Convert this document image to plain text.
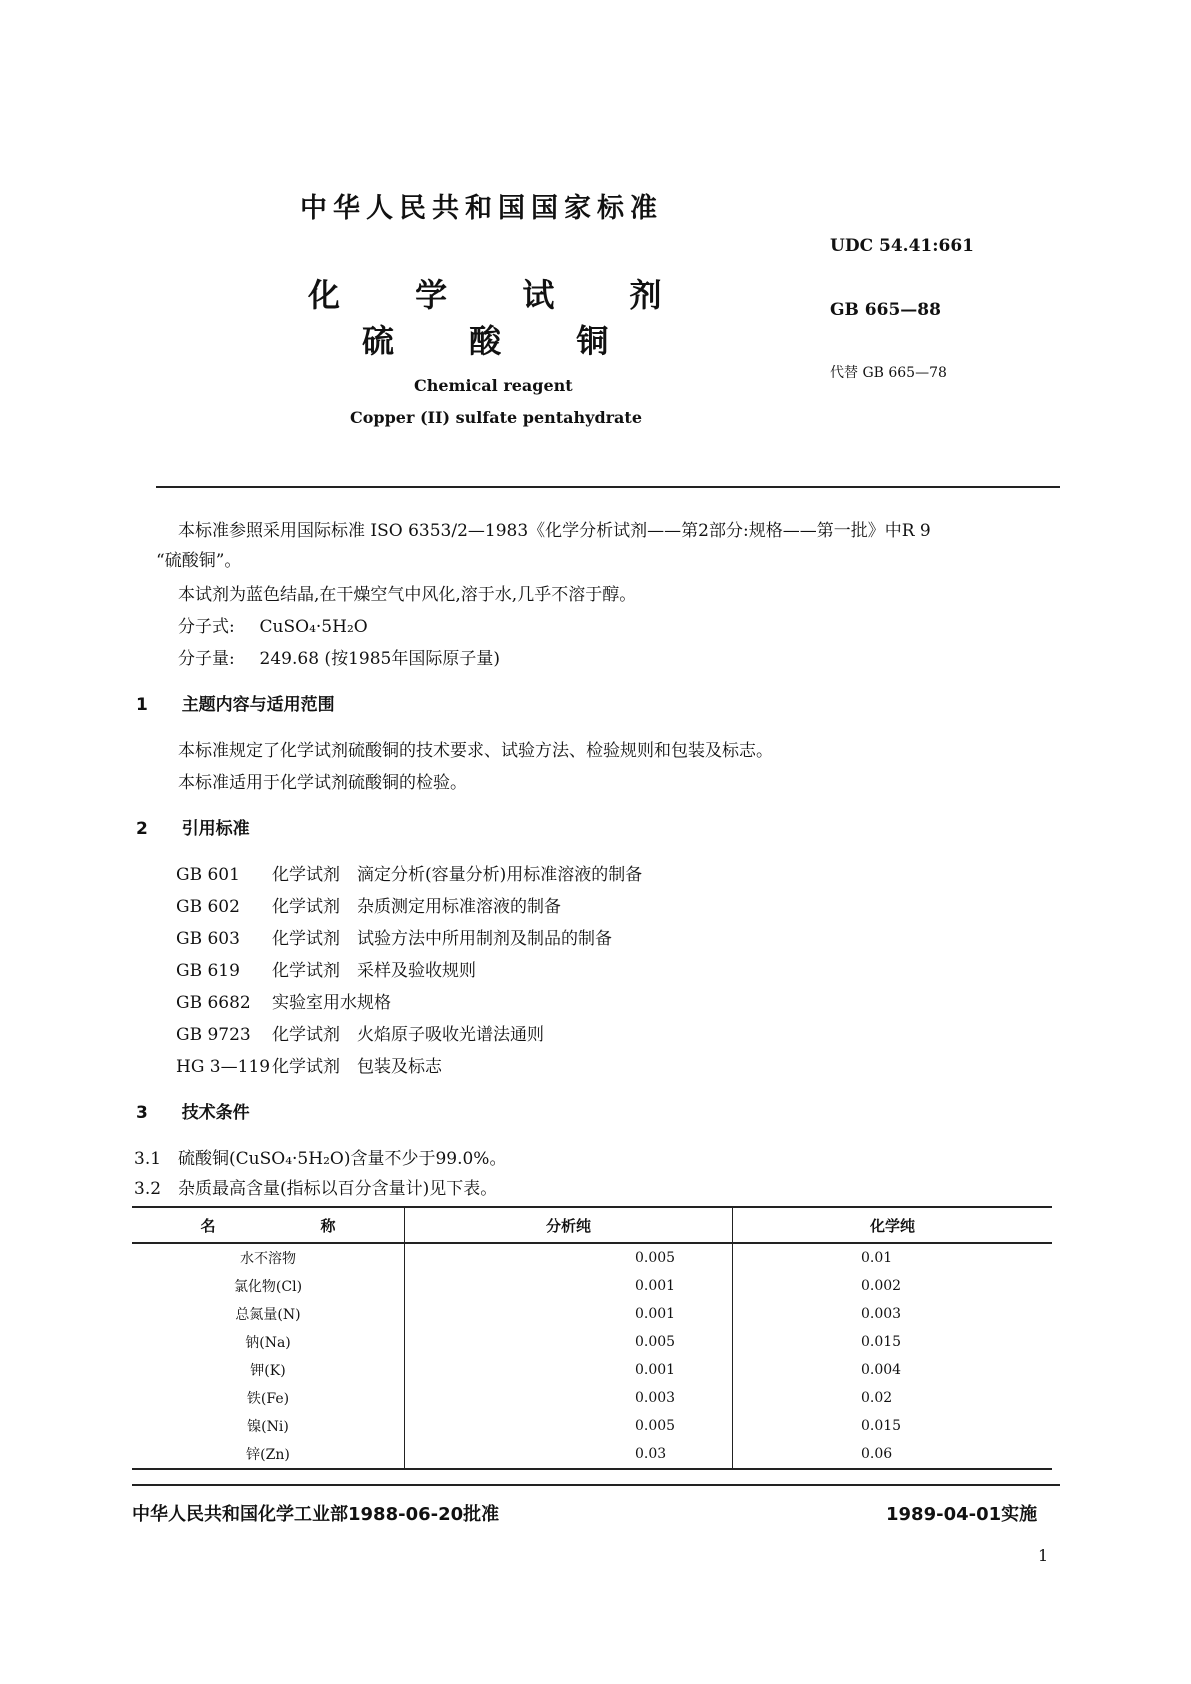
中华人民共和国国家标准
化 学 试 剂
硫 酸 铜
Chemical reagent
Copper (II) sulfate pentahydrate
UDC 54.41:661
GB 665—88
代替 GB 665—78
本标准参照采用国际标准 ISO 6353/2—1983《化学分析试剂——第2部分:规格——第一批》中R 9
“硫酸铜”。
本试剂为蓝色结晶,在干燥空气中风化,溶于水,几乎不溶于醇。
分子式: CuSO₄·5H₂O
分子量: 249.68 (按1985年国际原子量)
1 主题内容与适用范围
本标准规定了化学试剂硫酸铜的技术要求、试验方法、检验规则和包装及标志。
本标准适用于化学试剂硫酸铜的检验。
2 引用标准
GB 601 化学试剂　滴定分析(容量分析)用标准溶液的制备
GB 602 化学试剂　杂质测定用标准溶液的制备
GB 603 化学试剂　试验方法中所用制剂及制品的制备
GB 619 化学试剂　采样及验收规则
GB 6682 实验室用水规格
GB 9723 化学试剂　火焰原子吸收光谱法通则
HG 3—119 化学试剂　包装及标志
3 技术条件
3.1　硫酸铜(CuSO₄·5H₂O)含量不少于99.0%。
3.2　杂质最高含量(指标以百分含量计)见下表。
名　　　　　　　称	分析纯	化学纯
水不溶物	0.005	0.01
氯化物(Cl)	0.001	0.002
总氮量(N)	0.001	0.003
钠(Na)	0.005	0.015
钾(K)	0.001	0.004
铁(Fe)	0.003	0.02
镍(Ni)	0.005	0.015
锌(Zn)	0.03	0.06
中华人民共和国化学工业部1988-06-20批准	1989-04-01实施
1
